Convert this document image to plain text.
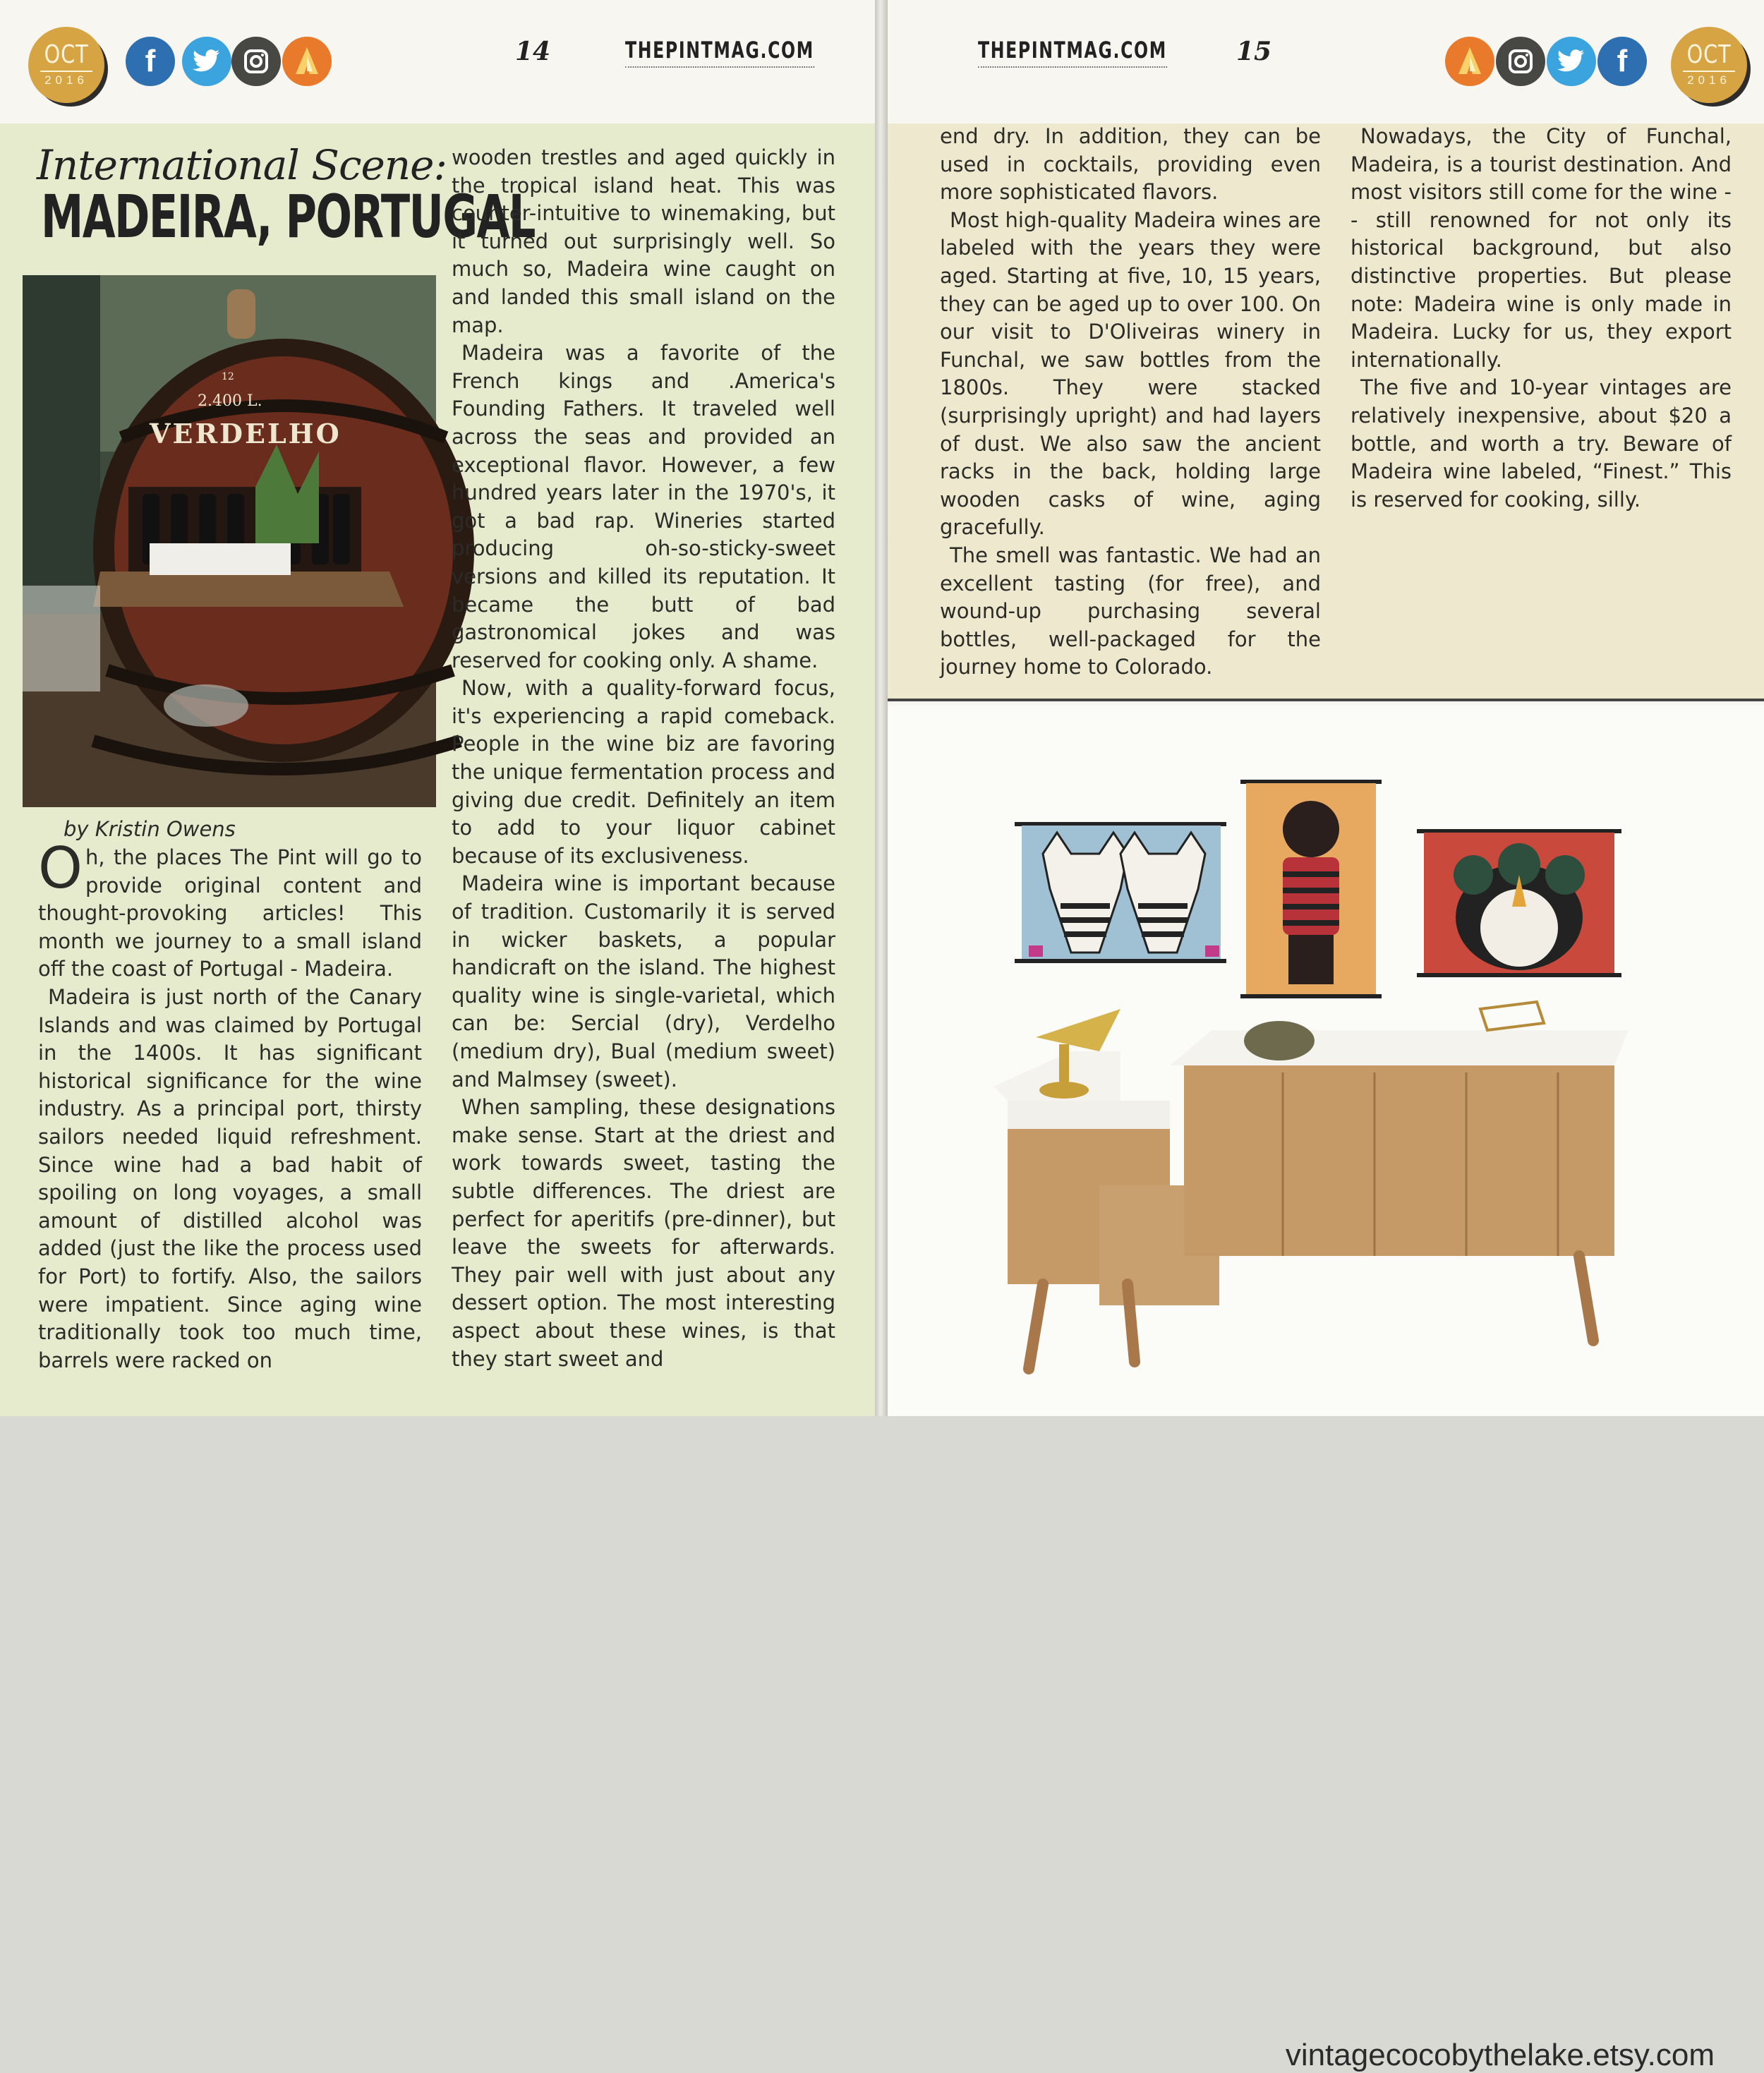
OCT
2016
f	14	THEPINTMAG.COM
International Scene:
MADEIRA, PORTUGAL
12
2.400 L.
VERDELHO
by Kristin Owens

Oh, the places The Pint will go to provide original content and thought-provoking articles! This month we journey to a small island off the coast of Portugal - Madeira.

Madeira is just north of the Canary Islands and was claimed by Portugal in the 1400s. It has significant historical significance for the wine industry. As a principal port, thirsty sailors needed liquid refreshment. Since wine had a bad habit of spoiling on long voyages, a small amount of distilled alcohol was added (just the like the process used for Port) to fortify. Also, the sailors were impatient. Since aging wine traditionally took too much time, barrels were racked on

wooden trestles and aged quickly in the tropical island heat. This was counter-intuitive to winemaking, but it turned out surprisingly well. So much so, Madeira wine caught on and landed this small island on the map.

Madeira was a favorite of the French kings and .America's Founding Fathers. It traveled well across the seas and provided an exceptional flavor. However, a few hundred years later in the 1970's, it got a bad rap. Wineries started producing oh-so-sticky-sweet versions and killed its reputation. It became the butt of bad gastronomical jokes and was reserved for cooking only. A shame.

Now, with a quality-forward focus, it's experiencing a rapid comeback. People in the wine biz are favoring the unique fermentation process and giving due credit. Definitely an item to add to your liquor cabinet because of its exclusiveness.

Madeira wine is important because of tradition. Customarily it is served in wicker baskets, a popular handicraft on the island. The highest quality wine is single-varietal, which can be: Sercial (dry), Verdelho (medium dry), Bual (medium sweet) and Malmsey (sweet).

When sampling, these designations make sense. Start at the driest and work towards sweet, tasting the subtle differences. The driest are perfect for aperitifs (pre-dinner), but leave the sweets for afterwards. They pair well with just about any dessert option. The most interesting aspect about these wines, is that they start sweet and

THEPINTMAG.COM	15	f	OCT
2016

end dry. In addition, they can be used in cocktails, providing even more sophisticated flavors.

Most high-quality Madeira wines are labeled with the years they were aged. Starting at five, 10, 15 years, they can be aged up to over 100. On our visit to D'Oliveiras winery in Funchal, we saw bottles from the 1800s. They were stacked (surprisingly upright) and had layers of dust. We also saw the ancient racks in the back, holding large wooden casks of wine, aging gracefully.

The smell was fantastic. We had an excellent tasting (for free), and wound-up purchasing several bottles, well-packaged for the journey home to Colorado.

Nowadays, the City of Funchal, Madeira, is a tourist destination. And most visitors still come for the wine -- still renowned for not only its historical background, but also distinctive properties. But please note: Madeira wine is only made in Madeira. Lucky for us, they export internationally.

The five and 10-year vintages are relatively inexpensive, about $20 a bottle, and worth a try. Beware of Madeira wine labeled, “Finest.” This is reserved for cooking, silly.

vintagecocobythelake.etsy.com
